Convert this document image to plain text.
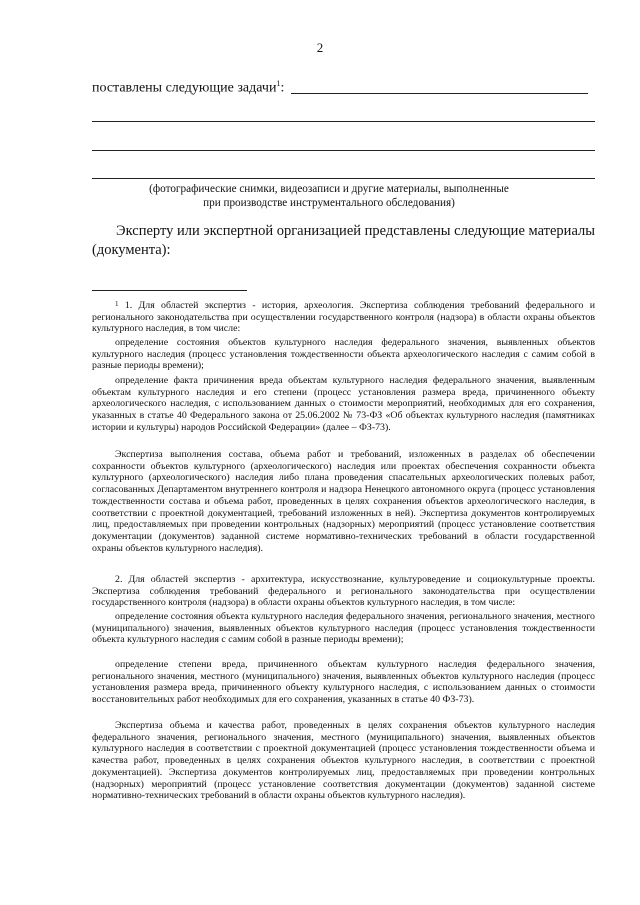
2
поставлены следующие задачи$^1$:
(фотографические снимки, видеозаписи и другие материалы, выполненные
при производстве инструментального обследования)
Эксперту или экспертной организацией представлены следующие материалы (документа):

$^1$ 1. Для областей экспертиз - история, археология. Экспертиза соблюдения требований федерального и регионального законодательства при осуществлении государственного контроля (надзора) в области охраны объектов культурного наследия, в том числе:

определение состояния объектов культурного наследия федерального значения, выявленных объектов культурного наследия (процесс установления тождественности объекта археологического наследия с самим собой в разные периоды времени);

определение факта причинения вреда объектам культурного наследия федерального значения, выявленным объектам культурного наследия и его степени (процесс установления размера вреда, причиненного объекту археологического наследия, с использованием данных о стоимости мероприятий, необходимых для его сохранения, указанных в статье 40 Федерального закона от 25.06.2002 № 73-ФЗ «Об объектах культурного наследия (памятниках истории и культуры) народов Российской Федерации» (далее – ФЗ-73).

Экспертиза выполнения состава, объема работ и требований, изложенных в разделах об обеспечении сохранности объектов культурного (археологического) наследия или проектах обеспечения сохранности объекта культурного (археологического) наследия либо плана проведения спасательных археологических полевых работ, согласованных Департаментом внутреннего контроля и надзора Ненецкого автономного округа (процесс установления тождественности состава и объема работ, проведенных в целях сохранения объектов археологического наследия, в соответствии с проектной документацией, требований изложенных в ней). Экспертиза документов контролируемых лиц, предоставляемых при проведении контрольных (надзорных) мероприятий (процесс установление соответствия документации (документов) заданной системе нормативно-технических требований в области государственной охраны объектов культурного наследия).

2. Для областей экспертиз - архитектура, искусствознание, культуроведение и социокультурные проекты. Экспертиза соблюдения требований федерального и регионального законодательства при осуществлении государственного контроля (надзора) в области охраны объектов культурного наследия, в том числе:

определение состояния объекта культурного наследия федерального значения, регионального значения, местного (муниципального) значения, выявленных объектов культурного наследия (процесс установления тождественности объекта культурного наследия с самим собой в разные периоды времени);

определение степени вреда, причиненного объектам культурного наследия федерального значения, регионального значения, местного (муниципального) значения, выявленных объектов культурного наследия (процесс установления размера вреда, причиненного объекту культурного наследия, с использованием данных о стоимости восстановительных работ необходимых для его сохранения, указанных в статье 40 ФЗ-73).

Экспертиза объема и качества работ, проведенных в целях сохранения объектов культурного наследия федерального значения, регионального значения, местного (муниципального) значения, выявленных объектов культурного наследия в соответствии с проектной документацией (процесс установления тождественности объема и качества работ, проведенных в целях сохранения объектов культурного наследия, в соответствии с проектной документацией). Экспертиза документов контролируемых лиц, предоставляемых при проведении контрольных (надзорных) мероприятий (процесс установление соответствия документации (документов) заданной системе нормативно-технических требований в области охраны объектов культурного наследия).
